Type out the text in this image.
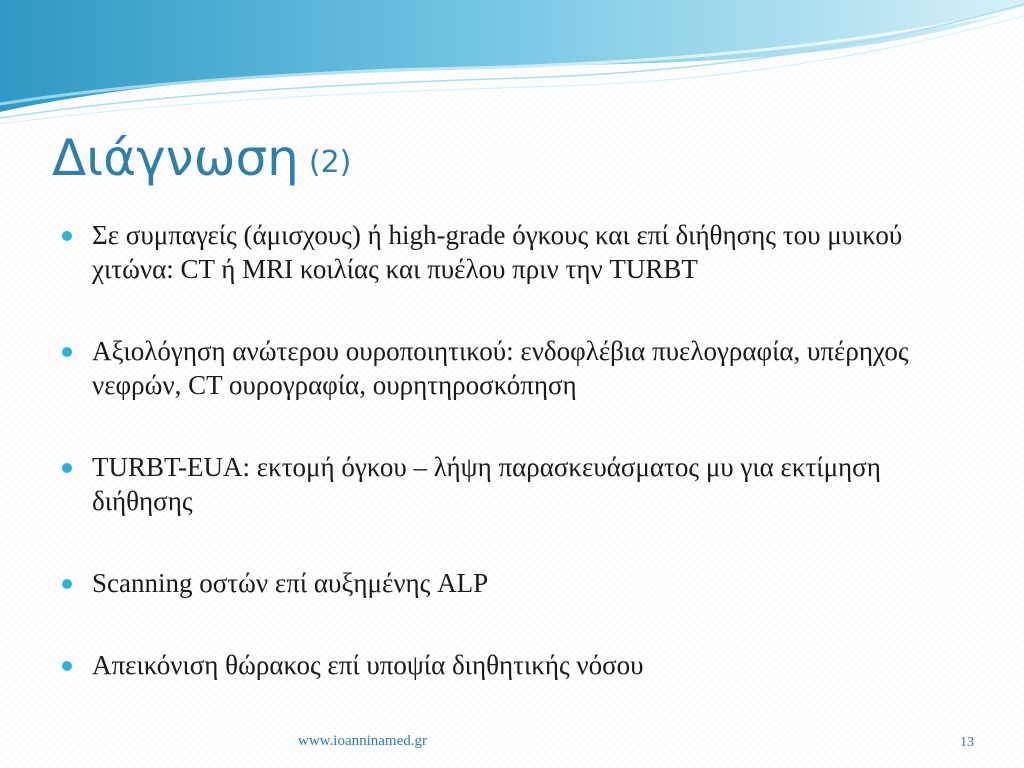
Διάγνωση (2)
Σε συμπαγείς (άμισχους) ή high-grade όγκους και επί διήθησης του μυικού χιτώνα: CT ή MRI κοιλίας και πυέλου πριν την TURBT
Αξιολόγηση ανώτερου ουροποιητικού: ενδοφλέβια πυελογραφία, υπέρηχος νεφρών, CT ουρογραφία, ουρητηροσκόπηση
TURBT-EUA: εκτομή όγκου – λήψη παρασκευάσματος μυ για εκτίμηση διήθησης
Scanning οστών επί αυξημένης ALP
Απεικόνιση θώρακος επί υποψία διηθητικής νόσου
www.ioanninamed.gr	13
